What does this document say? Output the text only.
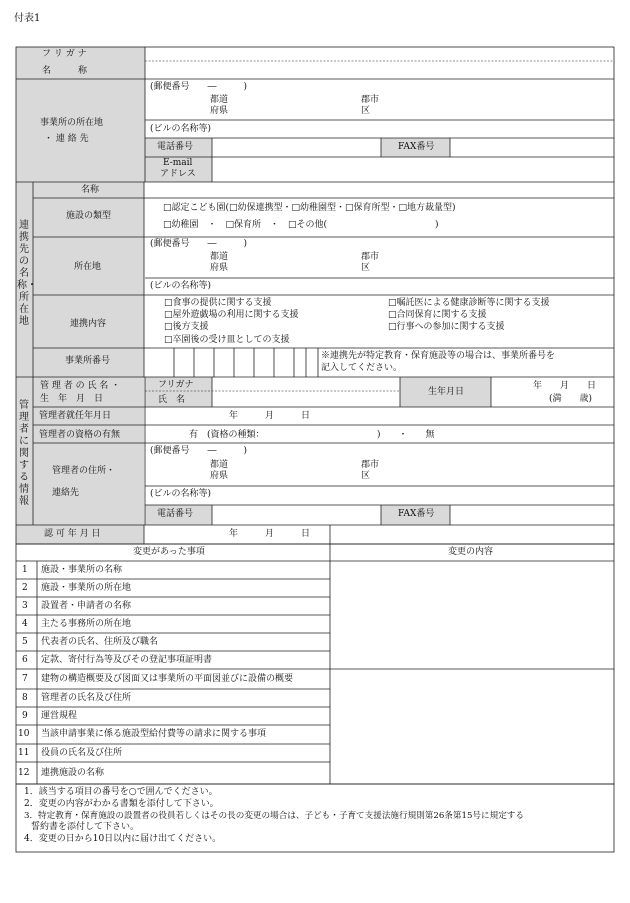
付表1
フ リ ガ ナ
名　　　称
事業所の所在地
・ 連 絡 先
(郵便番号　　―　　　)
都道
府県
郡市
区
(ビルの名称等)
電話番号	FAX番号
E-mail
アドレス
連携先の名称・所在地
名称
施設の類型
□認定こども園(□幼保連携型・□幼稚園型・□保育所型・□地方裁量型)
□幼稚園　・　□保育所　・　□その他(　　　　　　　　　　　　)
所在地
(郵便番号　　―　　　)
都道
府県
郡市
区
(ビルの名称等)
連携内容
□食事の提供に関する支援	□嘱託医による健康診断等に関する支援
□屋外遊戯場の利用に関する支援	□合同保育に関する支援
□後方支援	□行事への参加に関する支援
□卒園後の受け皿としての支援
事業所番号	※連携先が特定教育・保育施設等の場合は、事業所番号を
記入してください。
管理者に関する情報
管 理 者 の 氏 名 ・
生　年　月　日
フリガナ
氏　名
生年月日
年　　月　　日
(満　　歳)
管理者就任年月日	年　　　月　　　日
管理者の資格の有無	有　(資格の種類：　　　　　　　　　　　　　)　　・　　無
管理者の住所・
連絡先
(郵便番号　　―　　　)
都道
府県
郡市
区
(ビルの名称等)
電話番号	FAX番号
認 可 年 月 日	年　　　月　　　日
変更があった事項	変更の内容
1 施設・事業所の名称
2 施設・事業所の所在地
3 設置者・申請者の名称
4 主たる事務所の所在地
5 代表者の氏名、住所及び職名
6 定款、寄付行為等及びその登記事項証明書
7 建物の構造概要及び図面又は事業所の平面図並びに設備の概要
8 管理者の氏名及び住所
9 運営規程
10 当該申請事業に係る施設型給付費等の請求に関する事項
11 役員の氏名及び住所
12 連携施設の名称
1．該当する項目の番号を○で囲んでください。
2．変更の内容がわかる書類を添付して下さい。
3．特定教育・保育施設の設置者の役員若しくはその長の変更の場合は、子ども・子育て支援法施行規則第26条第15号に規定する
誓約書を添付して下さい。
4．変更の日から10日以内に届け出てください。
